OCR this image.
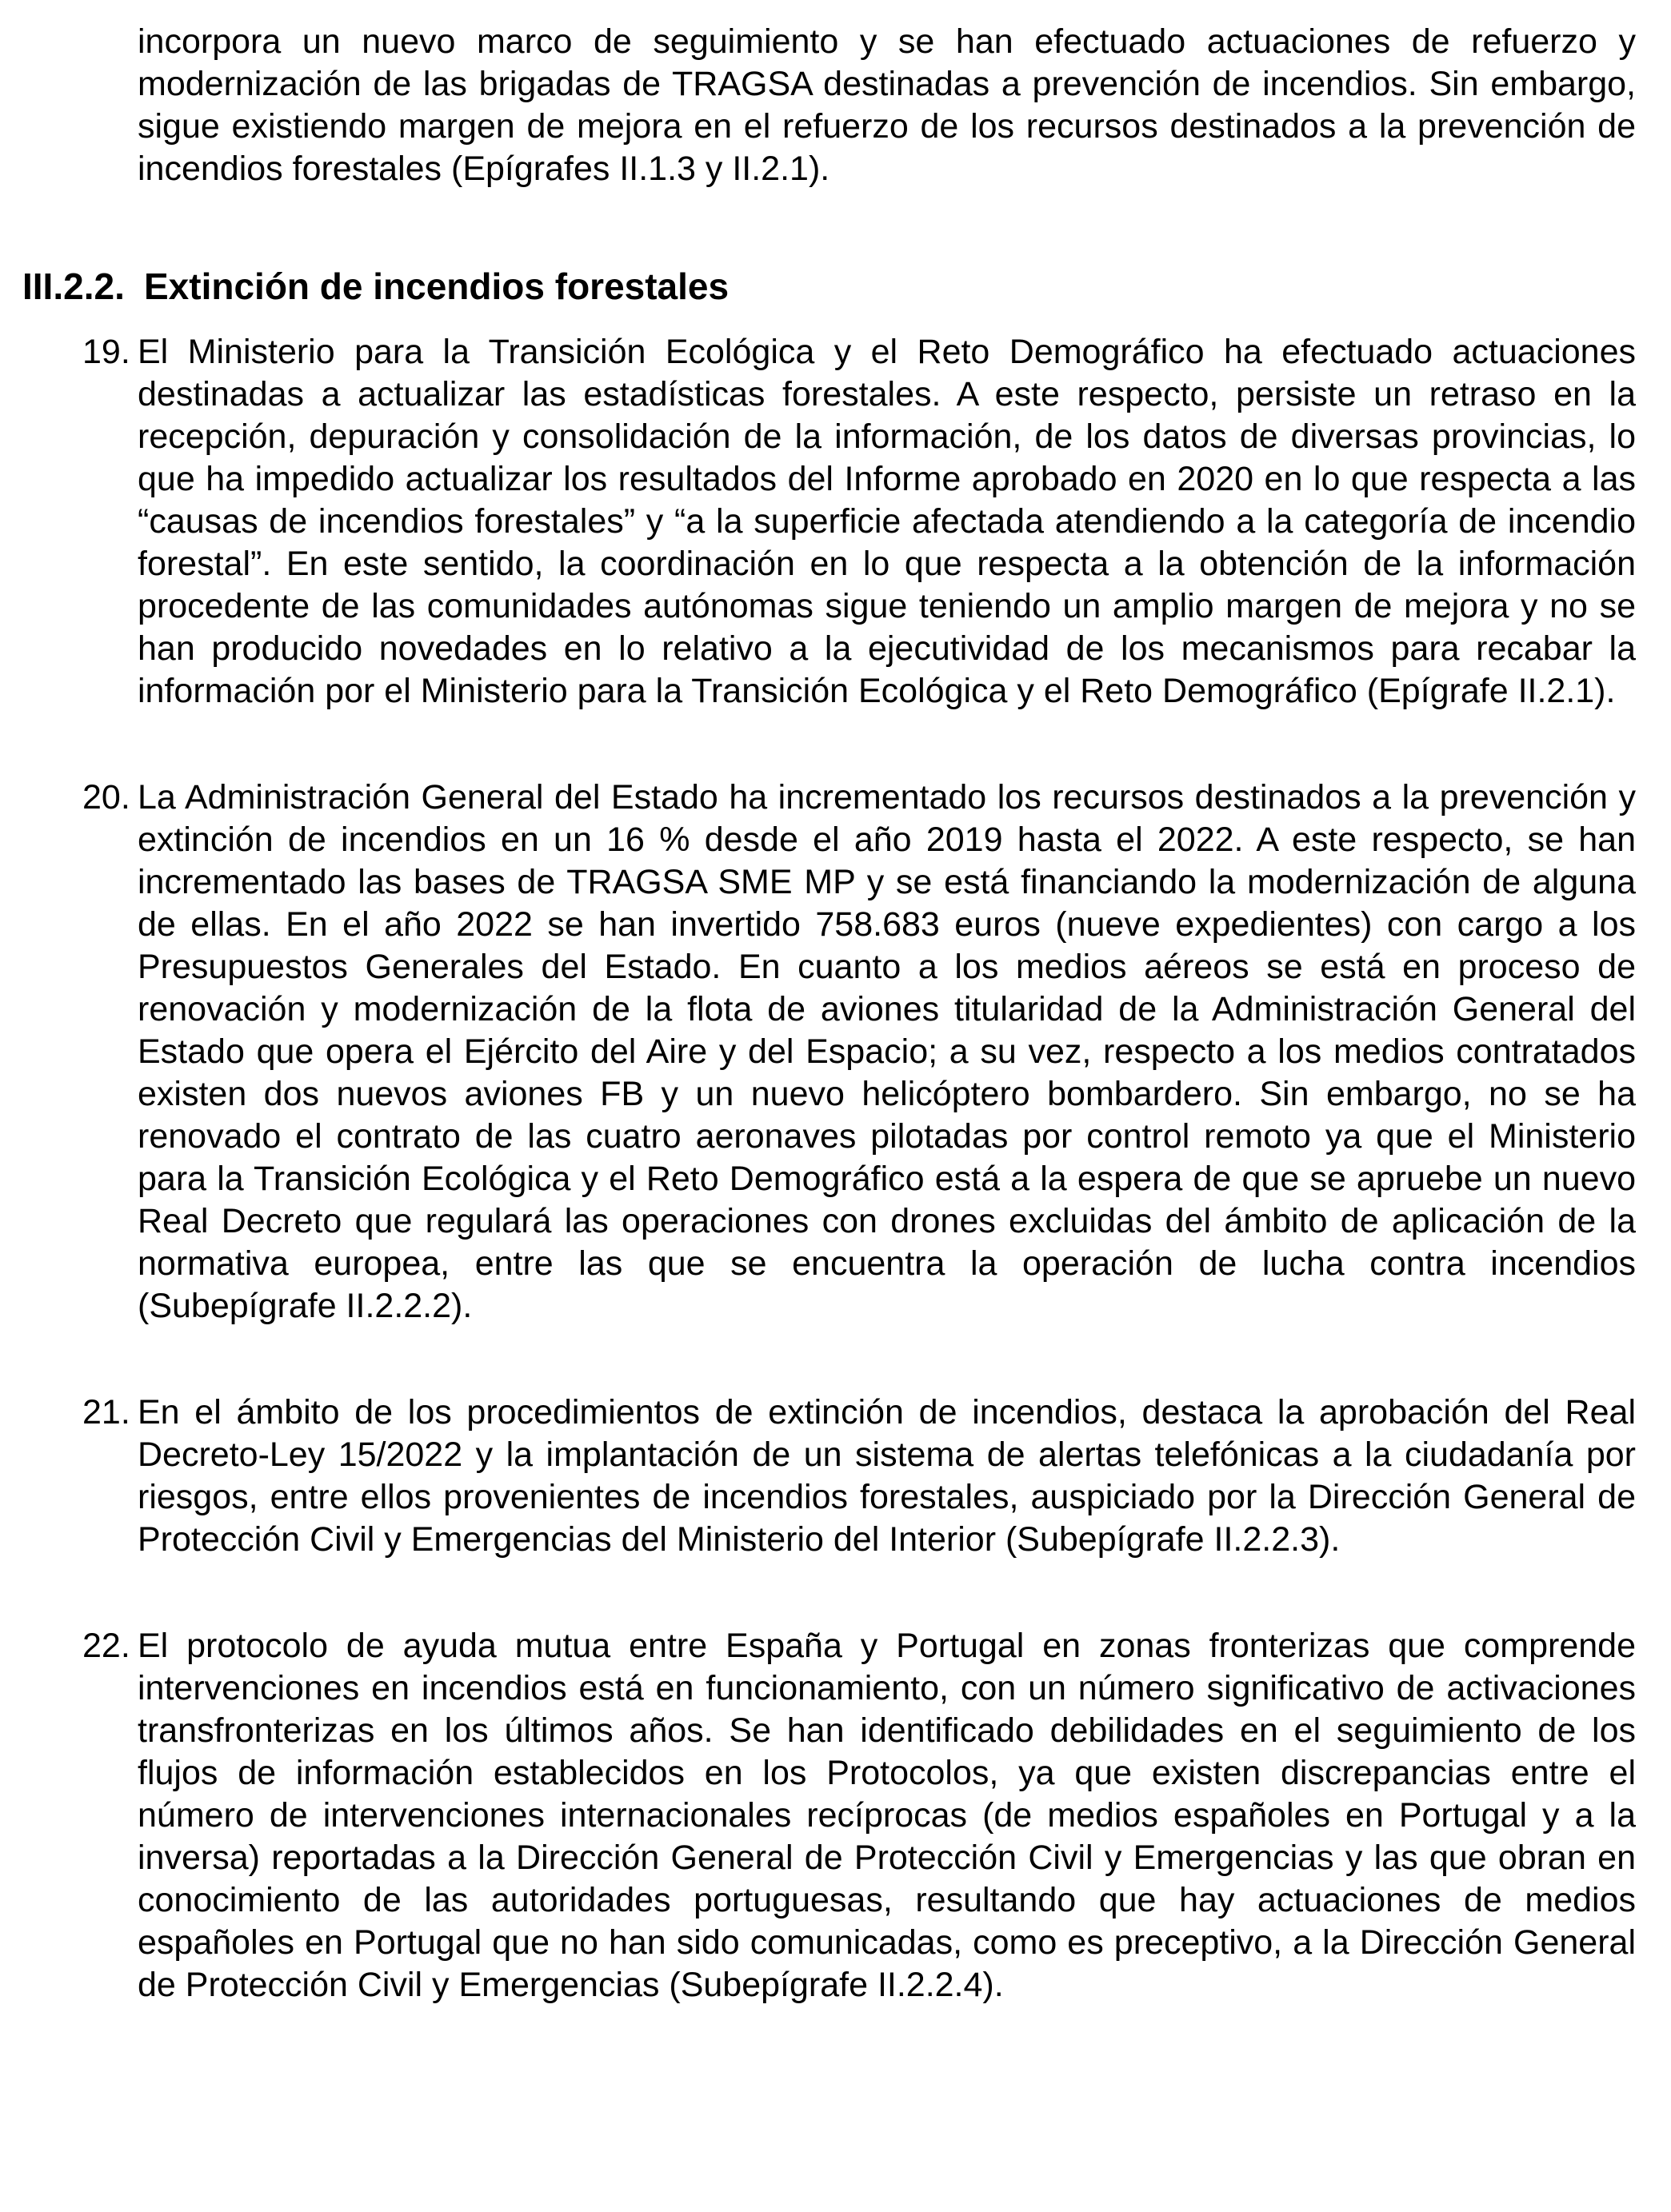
incorpora un nuevo marco de seguimiento y se han efectuado actuaciones de refuerzo y modernización de las brigadas de TRAGSA destinadas a prevención de incendios. Sin embargo, sigue existiendo margen de mejora en el refuerzo de los recursos destinados a la prevención de incendios forestales (Epígrafes II.1.3 y II.2.1).

III.2.2. Extinción de incendios forestales
19. El Ministerio para la Transición Ecológica y el Reto Demográfico ha efectuado actuaciones destinadas a actualizar las estadísticas forestales. A este respecto, persiste un retraso en la recepción, depuración y consolidación de la información, de los datos de diversas provincias, lo que ha impedido actualizar los resultados del Informe aprobado en 2020 en lo que respecta a las “causas de incendios forestales” y “a la superficie afectada atendiendo a la categoría de incendio forestal”. En este sentido, la coordinación en lo que respecta a la obtención de la información procedente de las comunidades autónomas sigue teniendo un amplio margen de mejora y no se han producido novedades en lo relativo a la ejecutividad de los mecanismos para recabar la información por el Ministerio para la Transición Ecológica y el Reto Demográfico (Epígrafe II.2.1).

20. La Administración General del Estado ha incrementado los recursos destinados a la prevención y extinción de incendios en un 16 % desde el año 2019 hasta el 2022. A este respecto, se han incrementado las bases de TRAGSA SME MP y se está financiando la modernización de alguna de ellas. En el año 2022 se han invertido 758.683 euros (nueve expedientes) con cargo a los Presupuestos Generales del Estado. En cuanto a los medios aéreos se está en proceso de renovación y modernización de la flota de aviones titularidad de la Administración General del Estado que opera el Ejército del Aire y del Espacio; a su vez, respecto a los medios contratados existen dos nuevos aviones FB y un nuevo helicóptero bombardero. Sin embargo, no se ha renovado el contrato de las cuatro aeronaves pilotadas por control remoto ya que el Ministerio para la Transición Ecológica y el Reto Demográfico está a la espera de que se apruebe un nuevo Real Decreto que regulará las operaciones con drones excluidas del ámbito de aplicación de la normativa europea, entre las que se encuentra la operación de lucha contra incendios (Subepígrafe II.2.2.2).

21. En el ámbito de los procedimientos de extinción de incendios, destaca la aprobación del Real Decreto-Ley 15/2022 y la implantación de un sistema de alertas telefónicas a la ciudadanía por riesgos, entre ellos provenientes de incendios forestales, auspiciado por la Dirección General de Protección Civil y Emergencias del Ministerio del Interior (Subepígrafe II.2.2.3).

22. El protocolo de ayuda mutua entre España y Portugal en zonas fronterizas que comprende intervenciones en incendios está en funcionamiento, con un número significativo de activaciones transfronterizas en los últimos años. Se han identificado debilidades en el seguimiento de los flujos de información establecidos en los Protocolos, ya que existen discrepancias entre el número de intervenciones internacionales recíprocas (de medios españoles en Portugal y a la inversa) reportadas a la Dirección General de Protección Civil y Emergencias y las que obran en conocimiento de las autoridades portuguesas, resultando que hay actuaciones de medios españoles en Portugal que no han sido comunicadas, como es preceptivo, a la Dirección General de Protección Civil y Emergencias (Subepígrafe II.2.2.4).
